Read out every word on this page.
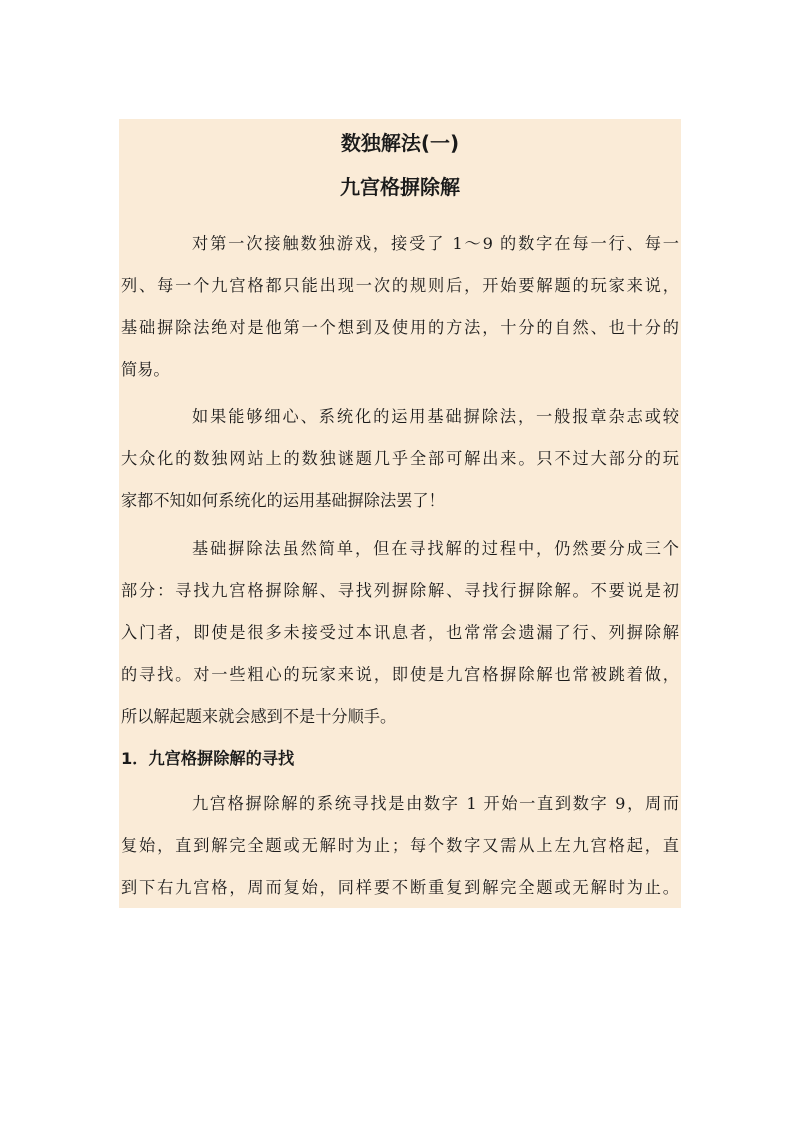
数独解法(一)
九宫格摒除解

对第一次接触数独游戏，接受了 1～9 的数字在每一行、每一

列、每一个九宫格都只能出现一次的规则后，开始要解题的玩家来说，

基础摒除法绝对是他第一个想到及使用的方法，十分的自然、也十分的

简易。

如果能够细心、系统化的运用基础摒除法，一般报章杂志或较

大众化的数独网站上的数独谜题几乎全部可解出来。只不过大部分的玩

家都不知如何系统化的运用基础摒除法罢了！

基础摒除法虽然简单，但在寻找解的过程中，仍然要分成三个

部分：寻找九宫格摒除解、寻找列摒除解、寻找行摒除解。不要说是初

入门者，即使是很多未接受过本讯息者，也常常会遗漏了行、列摒除解

的寻找。对一些粗心的玩家来说，即使是九宫格摒除解也常被跳着做，

所以解起题来就会感到不是十分顺手。

1．九宫格摒除解的寻找

九宫格摒除解的系统寻找是由数字 1 开始一直到数字 9，周而

复始，直到解完全题或无解时为止；每个数字又需从上左九宫格起，直

到下右九宫格，周而复始，同样要不断重复到解完全题或无解时为止。
